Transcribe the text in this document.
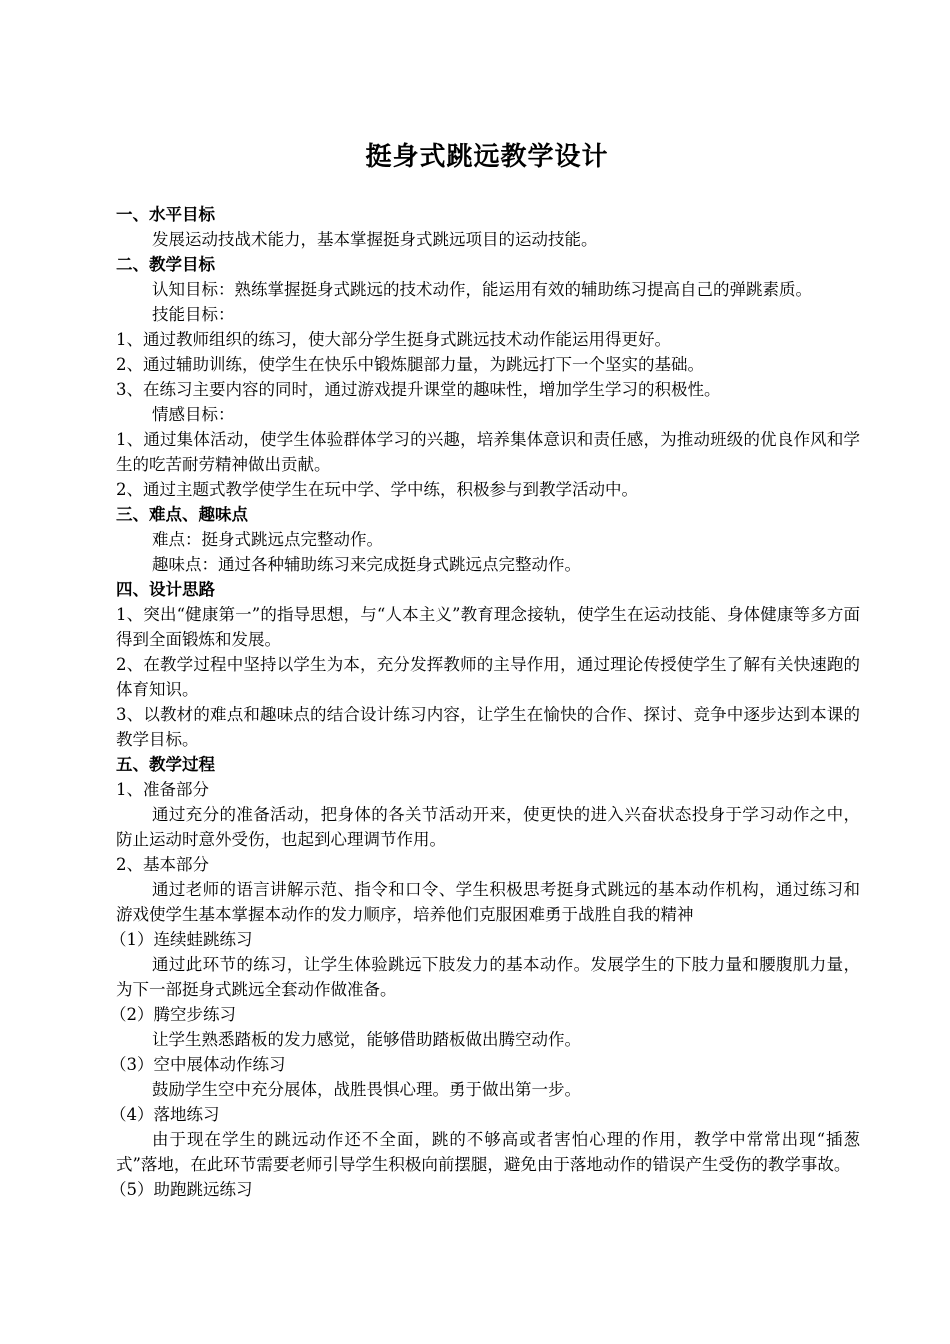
挺身式跳远教学设计

一、水平目标

发展运动技战术能力，基本掌握挺身式跳远项目的运动技能。

二、教学目标

认知目标：熟练掌握挺身式跳远的技术动作，能运用有效的辅助练习提高自己的弹跳素质。

技能目标：

1、通过教师组织的练习，使大部分学生挺身式跳远技术动作能运用得更好。

2、通过辅助训练，使学生在快乐中锻炼腿部力量，为跳远打下一个坚实的基础。

3、在练习主要内容的同时，通过游戏提升课堂的趣味性，增加学生学习的积极性。

情感目标：

1、通过集体活动，使学生体验群体学习的兴趣，培养集体意识和责任感，为推动班级的优良作风和学生的吃苦耐劳精神做出贡献。

2、通过主题式教学使学生在玩中学、学中练，积极参与到教学活动中。

三、难点、趣味点

难点：挺身式跳远点完整动作。

趣味点：通过各种辅助练习来完成挺身式跳远点完整动作。

四、设计思路

1、突出“健康第一”的指导思想，与“人本主义”教育理念接轨，使学生在运动技能、身体健康等多方面得到全面锻炼和发展。

2、在教学过程中坚持以学生为本，充分发挥教师的主导作用，通过理论传授使学生了解有关快速跑的体育知识。

3、以教材的难点和趣味点的结合设计练习内容，让学生在愉快的合作、探讨、竞争中逐步达到本课的教学目标。

五、教学过程

1、准备部分

通过充分的准备活动，把身体的各关节活动开来，使更快的进入兴奋状态投身于学习动作之中，防止运动时意外受伤，也起到心理调节作用。

2、基本部分

通过老师的语言讲解示范、指令和口令、学生积极思考挺身式跳远的基本动作机构，通过练习和游戏使学生基本掌握本动作的发力顺序，培养他们克服困难勇于战胜自我的精神

（1）连续蛙跳练习

通过此环节的练习，让学生体验跳远下肢发力的基本动作。发展学生的下肢力量和腰腹肌力量，为下一部挺身式跳远全套动作做准备。

（2）腾空步练习

让学生熟悉踏板的发力感觉，能够借助踏板做出腾空动作。

（3）空中展体动作练习

鼓励学生空中充分展体，战胜畏惧心理。勇于做出第一步。

（4）落地练习

由于现在学生的跳远动作还不全面，跳的不够高或者害怕心理的作用，教学中常常出现“插葱式”落地，在此环节需要老师引导学生积极向前摆腿，避免由于落地动作的错误产生受伤的教学事故。

（5）助跑跳远练习
